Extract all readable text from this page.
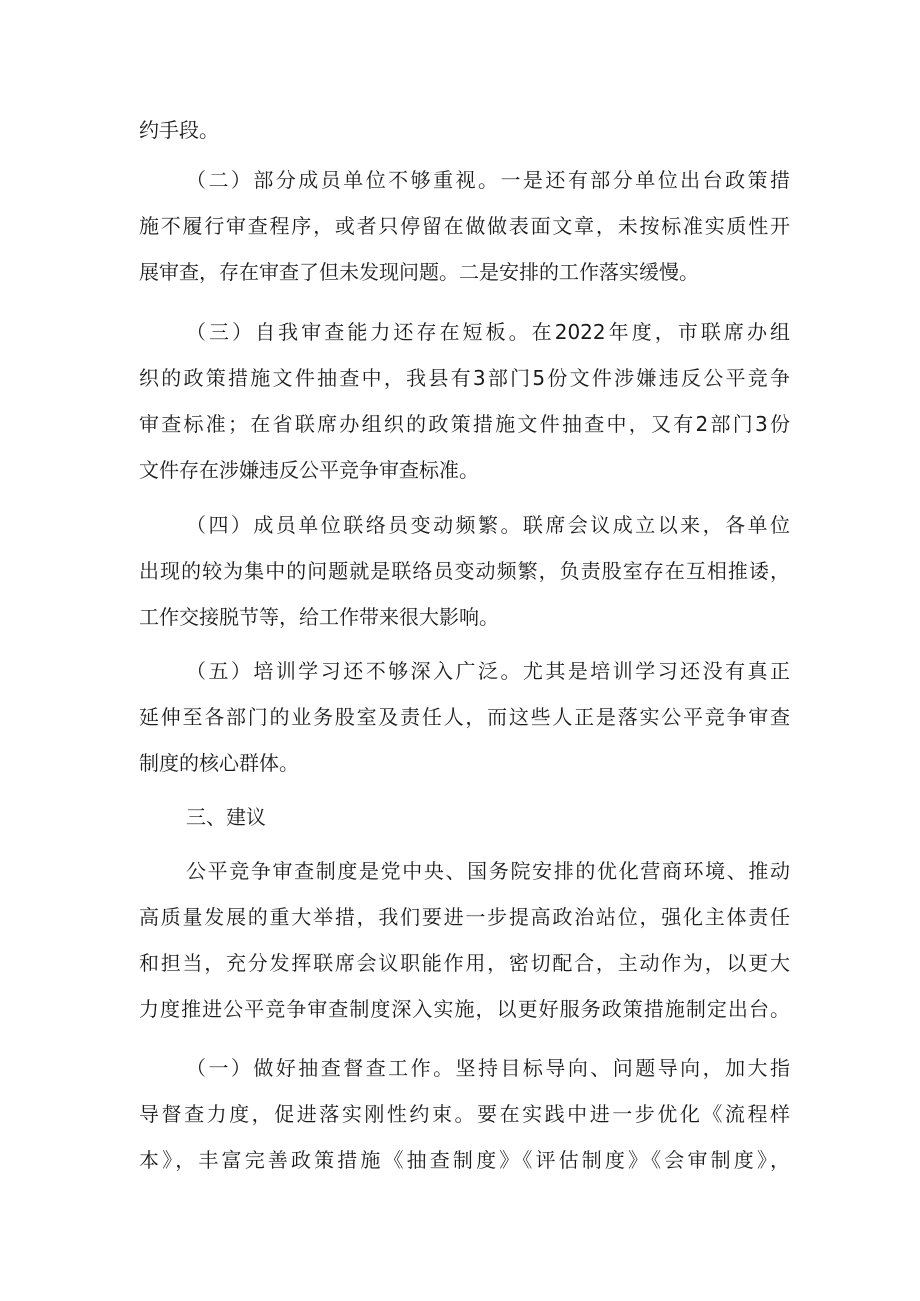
约手段。

（二）部分成员单位不够重视。一是还有部分单位出台政策措

施不履行审查程序，或者只停留在做做表面文章，未按标准实质性开

展审查，存在审查了但未发现问题。二是安排的工作落实缓慢。

（三）自我审查能力还存在短板。在2022年度，市联席办组

织的政策措施文件抽查中，我县有3部门5份文件涉嫌违反公平竞争

审查标准；在省联席办组织的政策措施文件抽查中，又有2部门3份

文件存在涉嫌违反公平竞争审查标准。

（四）成员单位联络员变动频繁。联席会议成立以来，各单位

出现的较为集中的问题就是联络员变动频繁，负责股室存在互相推诿，

工作交接脱节等，给工作带来很大影响。

（五）培训学习还不够深入广泛。尤其是培训学习还没有真正

延伸至各部门的业务股室及责任人，而这些人正是落实公平竞争审查

制度的核心群体。

三、建议

公平竞争审查制度是党中央、国务院安排的优化营商环境、推动

高质量发展的重大举措，我们要进一步提高政治站位，强化主体责任

和担当，充分发挥联席会议职能作用，密切配合，主动作为，以更大

力度推进公平竞争审查制度深入实施，以更好服务政策措施制定出台。

（一）做好抽查督查工作。坚持目标导向、问题导向，加大指

导督查力度，促进落实刚性约束。要在实践中进一步优化《流程样

本》，丰富完善政策措施《抽查制度》《评估制度》《会审制度》，
